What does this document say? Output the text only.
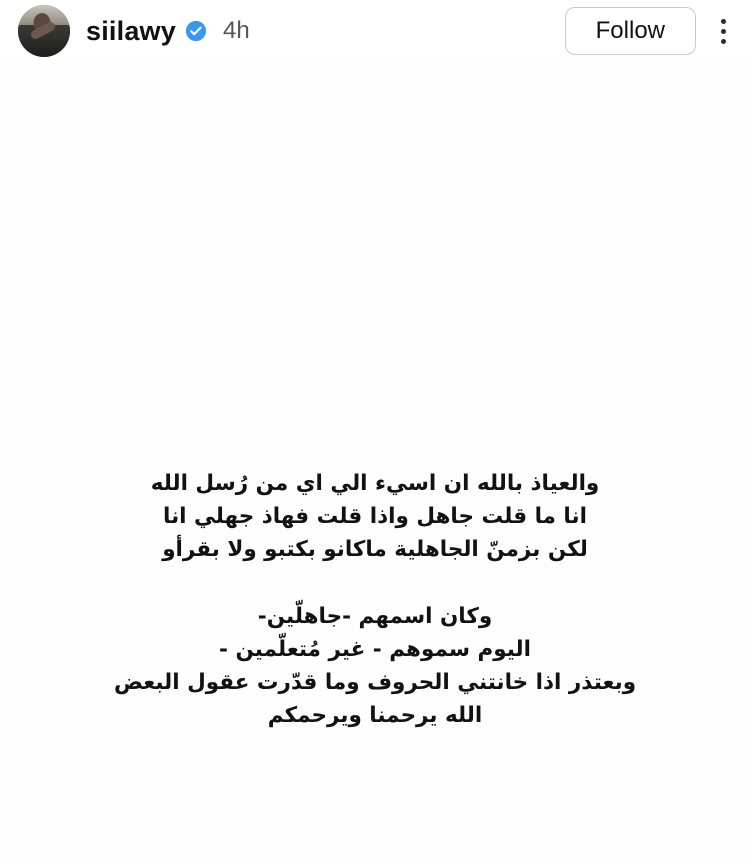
siilawy 4h	Follow
والعياذ بالله ان اسيء الي اي من رُسل الله
انا ما قلت جاهل واذا قلت فهاذ جهلي انا
لكن بزمنّ الجاهلية ماكانو بكتبو ولا بقرأو
وكان اسمهم -جاهلّين-
اليوم سموهم - غير مُتعلّمين -
وبعتذر اذا خانتني الحروف وما قدّرت عقول البعض
الله يرحمنا ويرحمكم
